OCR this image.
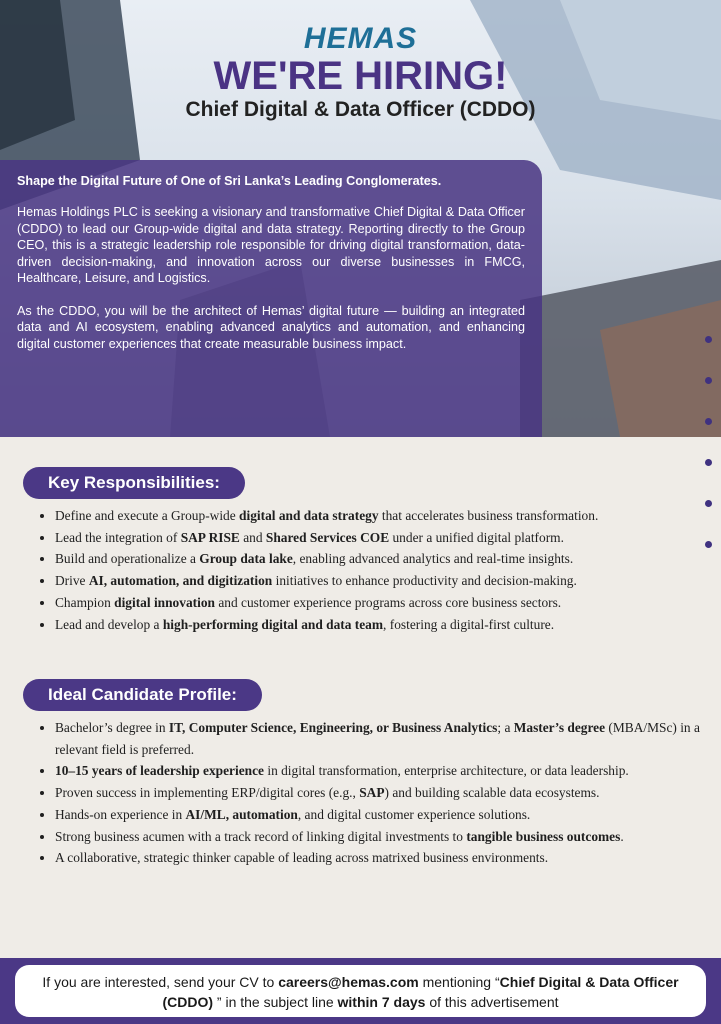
HEMAS
WE'RE HIRING!
Chief Digital & Data Officer (CDDO)
Shape the Digital Future of One of Sri Lanka’s Leading Conglomerates.

Hemas Holdings PLC is seeking a visionary and transformative Chief Digital & Data Officer (CDDO) to lead our Group-wide digital and data strategy. Reporting directly to the Group CEO, this is a strategic leadership role responsible for driving digital transformation, data-driven decision-making, and innovation across our diverse businesses in FMCG, Healthcare, Leisure, and Logistics.

As the CDDO, you will be the architect of Hemas’ digital future — building an integrated data and AI ecosystem, enabling advanced analytics and automation, and enhancing digital customer experiences that create measurable business impact.

Key Responsibilities:
• Define and execute a Group-wide digital and data strategy that accelerates business transformation.
• Lead the integration of SAP RISE and Shared Services COE under a unified digital platform.
• Build and operationalize a Group data lake, enabling advanced analytics and real-time insights.
• Drive AI, automation, and digitization initiatives to enhance productivity and decision-making.
• Champion digital innovation and customer experience programs across core business sectors.
• Lead and develop a high-performing digital and data team, fostering a digital-first culture.
Ideal Candidate Profile:
• Bachelor’s degree in IT, Computer Science, Engineering, or Business Analytics; a Master’s degree (MBA/MSc) in a relevant field is preferred.
• 10–15 years of leadership experience in digital transformation, enterprise architecture, or data leadership.
• Proven success in implementing ERP/digital cores (e.g., SAP) and building scalable data ecosystems.
• Hands-on experience in AI/ML, automation, and digital customer experience solutions.
• Strong business acumen with a track record of linking digital investments to tangible business outcomes.
• A collaborative, strategic thinker capable of leading across matrixed business environments.
If you are interested, send your CV to careers@hemas.com mentioning “Chief Digital & Data Officer (CDDO) ” in the subject line within 7 days of this advertisement
